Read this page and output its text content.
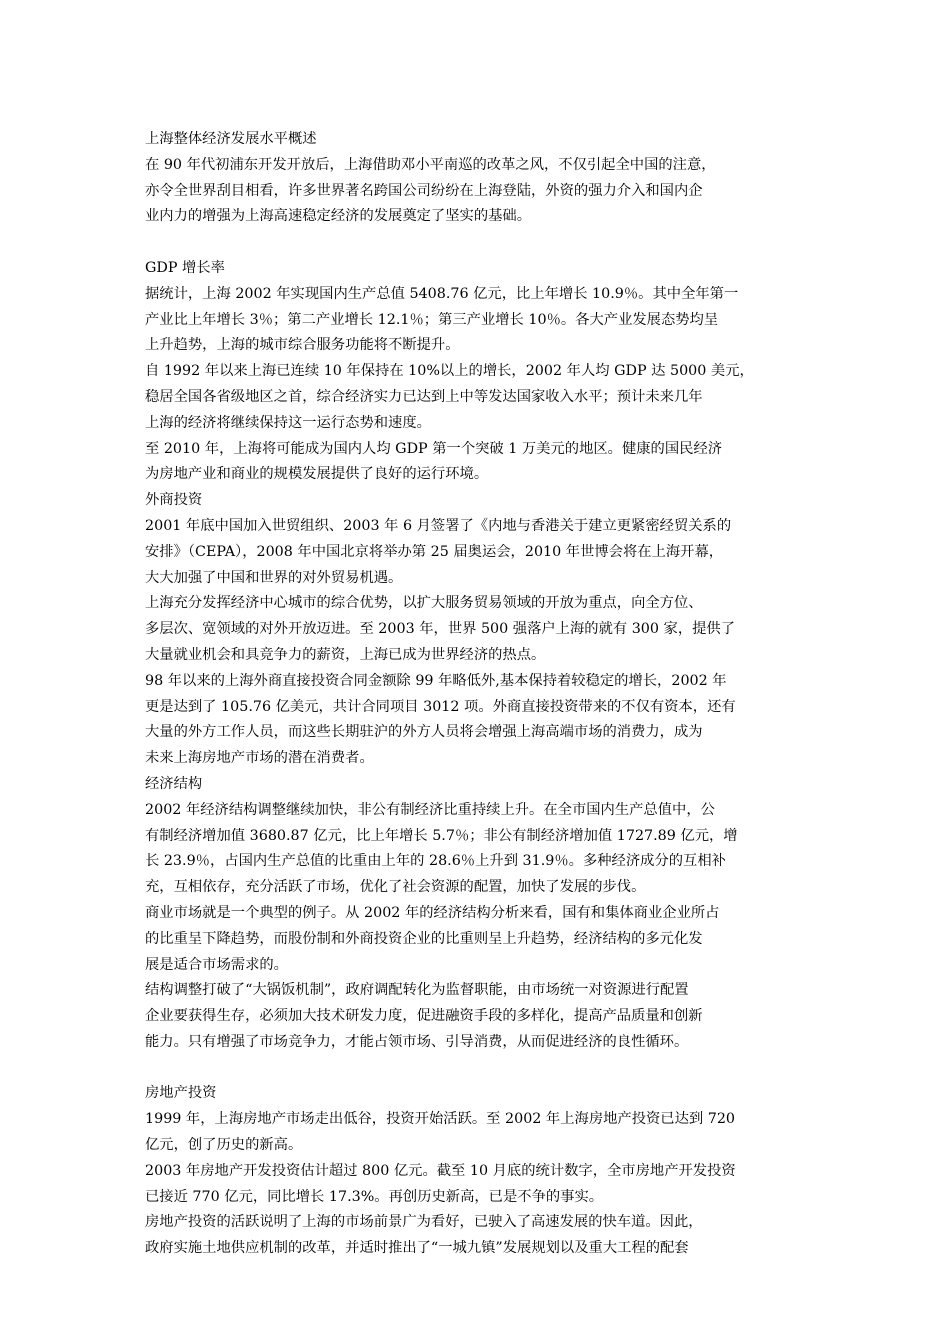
上海整体经济发展水平概述
在 90 年代初浦东开发开放后，上海借助邓小平南巡的改革之风，不仅引起全中国的注意，
亦令全世界刮目相看，许多世界著名跨国公司纷纷在上海登陆，外资的强力介入和国内企
业内力的增强为上海高速稳定经济的发展奠定了坚实的基础。
GDP 增长率
据统计，上海 2002 年实现国内生产总值 5408.76 亿元，比上年增长 10.9％。其中全年第一
产业比上年增长 3％；第二产业增长 12.1％；第三产业增长 10％。各大产业发展态势均呈
上升趋势，上海的城市综合服务功能将不断提升。
自 1992 年以来上海已连续 10 年保持在 10%以上的增长，2002 年人均 GDP 达 5000 美元，
稳居全国各省级地区之首，综合经济实力已达到上中等发达国家收入水平；预计未来几年
上海的经济将继续保持这一运行态势和速度。
至 2010 年，上海将可能成为国内人均 GDP 第一个突破 1 万美元的地区。健康的国民经济
为房地产业和商业的规模发展提供了良好的运行环境。
外商投资
2001 年底中国加入世贸组织、2003 年 6 月签署了《内地与香港关于建立更紧密经贸关系的
安排》（CEPA），2008 年中国北京将举办第 25 届奥运会，2010 年世博会将在上海开幕，
大大加强了中国和世界的对外贸易机遇。
上海充分发挥经济中心城市的综合优势，以扩大服务贸易领域的开放为重点，向全方位、
多层次、宽领域的对外开放迈进。至 2003 年，世界 500 强落户上海的就有 300 家，提供了
大量就业机会和具竞争力的薪资，上海已成为世界经济的热点。
98 年以来的上海外商直接投资合同金额除 99 年略低外,基本保持着较稳定的增长，2002 年
更是达到了 105.76 亿美元，共计合同项目 3012 项。外商直接投资带来的不仅有资本，还有
大量的外方工作人员，而这些长期驻沪的外方人员将会增强上海高端市场的消费力，成为
未来上海房地产市场的潜在消费者。
经济结构
2002 年经济结构调整继续加快，非公有制经济比重持续上升。在全市国内生产总值中，公
有制经济增加值 3680.87 亿元，比上年增长 5.7％；非公有制经济增加值 1727.89 亿元，增
长 23.9％，占国内生产总值的比重由上年的 28.6％上升到 31.9％。多种经济成分的互相补
充，互相依存，充分活跃了市场，优化了社会资源的配置，加快了发展的步伐。
商业市场就是一个典型的例子。从 2002 年的经济结构分析来看，国有和集体商业企业所占
的比重呈下降趋势，而股份制和外商投资企业的比重则呈上升趋势，经济结构的多元化发
展是适合市场需求的。
结构调整打破了“大锅饭机制”，政府调配转化为监督职能，由市场统一对资源进行配置
企业要获得生存，必须加大技术研发力度，促进融资手段的多样化，提高产品质量和创新
能力。只有增强了市场竞争力，才能占领市场、引导消费，从而促进经济的良性循环。
房地产投资
1999 年，上海房地产市场走出低谷，投资开始活跃。至 2002 年上海房地产投资已达到 720
亿元，创了历史的新高。
2003 年房地产开发投资估计超过 800 亿元。截至 10 月底的统计数字，全市房地产开发投资
已接近 770 亿元，同比增长 17.3%。再创历史新高，已是不争的事实。
房地产投资的活跃说明了上海的市场前景广为看好，已驶入了高速发展的快车道。因此，
政府实施土地供应机制的改革，并适时推出了“一城九镇”发展规划以及重大工程的配套
